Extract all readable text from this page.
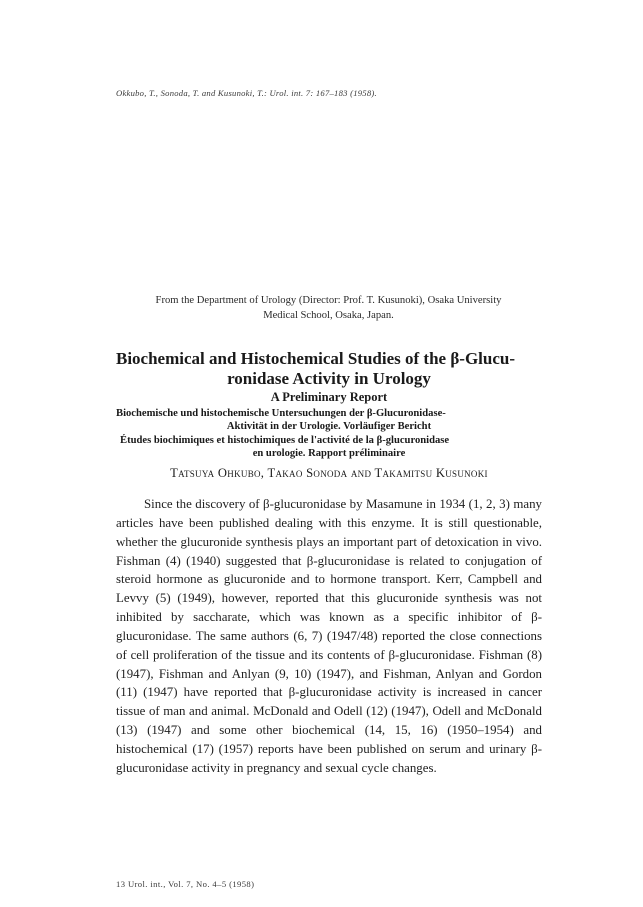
Okkubo, T., Sonoda, T. and Kusunoki, T.: Urol. int. 7: 167–183 (1958).
From the Department of Urology (Director: Prof. T. Kusunoki), Osaka University
Medical School, Osaka, Japan.
Biochemical and Histochemical Studies of the β-Glucu-
ronidase Activity in Urology
A Preliminary Report
Biochemische und histochemische Untersuchungen der β-Glucuronidase-
Aktivität in der Urologie. Vorläufiger Bericht
Études biochimiques et histochimiques de l'activité de la β-glucuronidase
en urologie. Rapport préliminaire
Tatsuya Ohkubo, Takao Sonoda and Takamitsu Kusunoki

Since the discovery of β-glucuronidase by Masamune in 1934 (1, 2, 3) many articles have been published dealing with this enzyme. It is still questionable, whether the glucuronide synthesis plays an important part of detoxication in vivo. Fishman (4) (1940) suggested that β-glucuronidase is related to conjugation of steroid hormone as glucuronide and to hormone transport. Kerr, Campbell and Levvy (5) (1949), however, reported that this glucuronide synthesis was not inhibited by saccharate, which was known as a specific inhibitor of β-glucuronidase. The same authors (6, 7) (1947/48) reported the close connections of cell proliferation of the tissue and its contents of β-glucuronidase. Fishman (8) (1947), Fishman and Anlyan (9, 10) (1947), and Fishman, Anlyan and Gordon (11) (1947) have reported that β-glucuronidase activity is increased in cancer tissue of man and animal. McDonald and Odell (12) (1947), Odell and McDonald (13) (1947) and some other biochemical (14, 15, 16) (1950–1954) and histochemical (17) (1957) reports have been published on serum and urinary β-glucuronidase activity in pregnancy and sexual cycle changes.

13 Urol. int., Vol. 7, No. 4–5 (1958)
